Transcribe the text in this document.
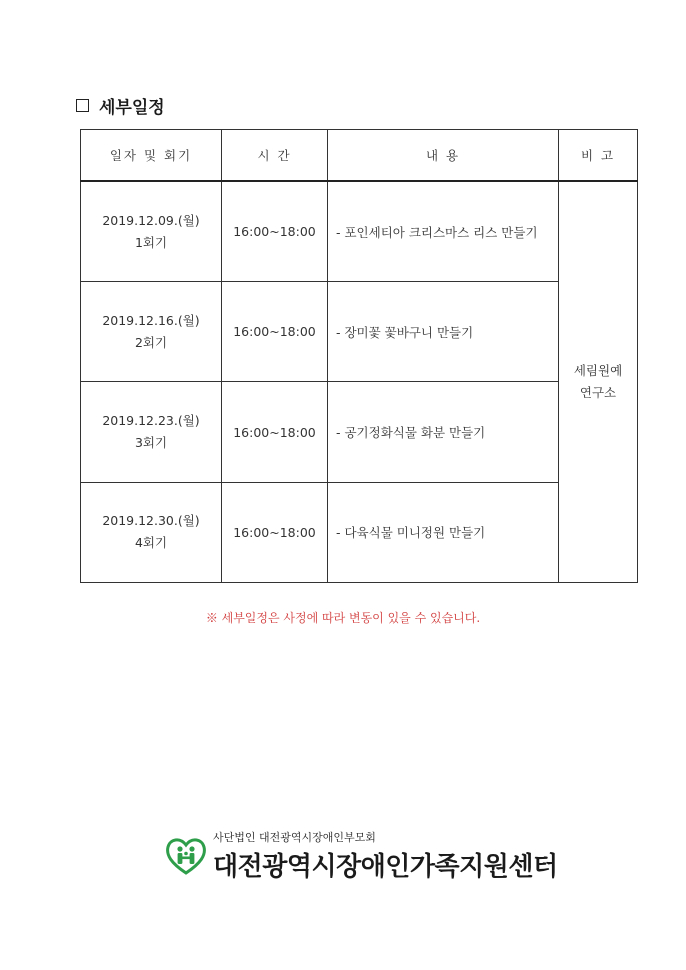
세부일정
일자 및 회기	시 간	내 용	비 고

2019.12.09.(월)
1회기	16:00~18:00	- 포인세티아 크리스마스 리스 만들기	세림원예
연구소

2019.12.16.(월)
2회기	16:00~18:00	- 장미꽃 꽃바구니 만들기	

2019.12.23.(월)
3회기	16:00~18:00	- 공기정화식물 화분 만들기	

2019.12.30.(월)
4회기	16:00~18:00	- 다육식물 미니정원 만들기	
※ 세부일정은 사정에 따라 변동이 있을 수 있습니다.
사단법인 대전광역시장애인부모회
대전광역시장애인가족지원센터
